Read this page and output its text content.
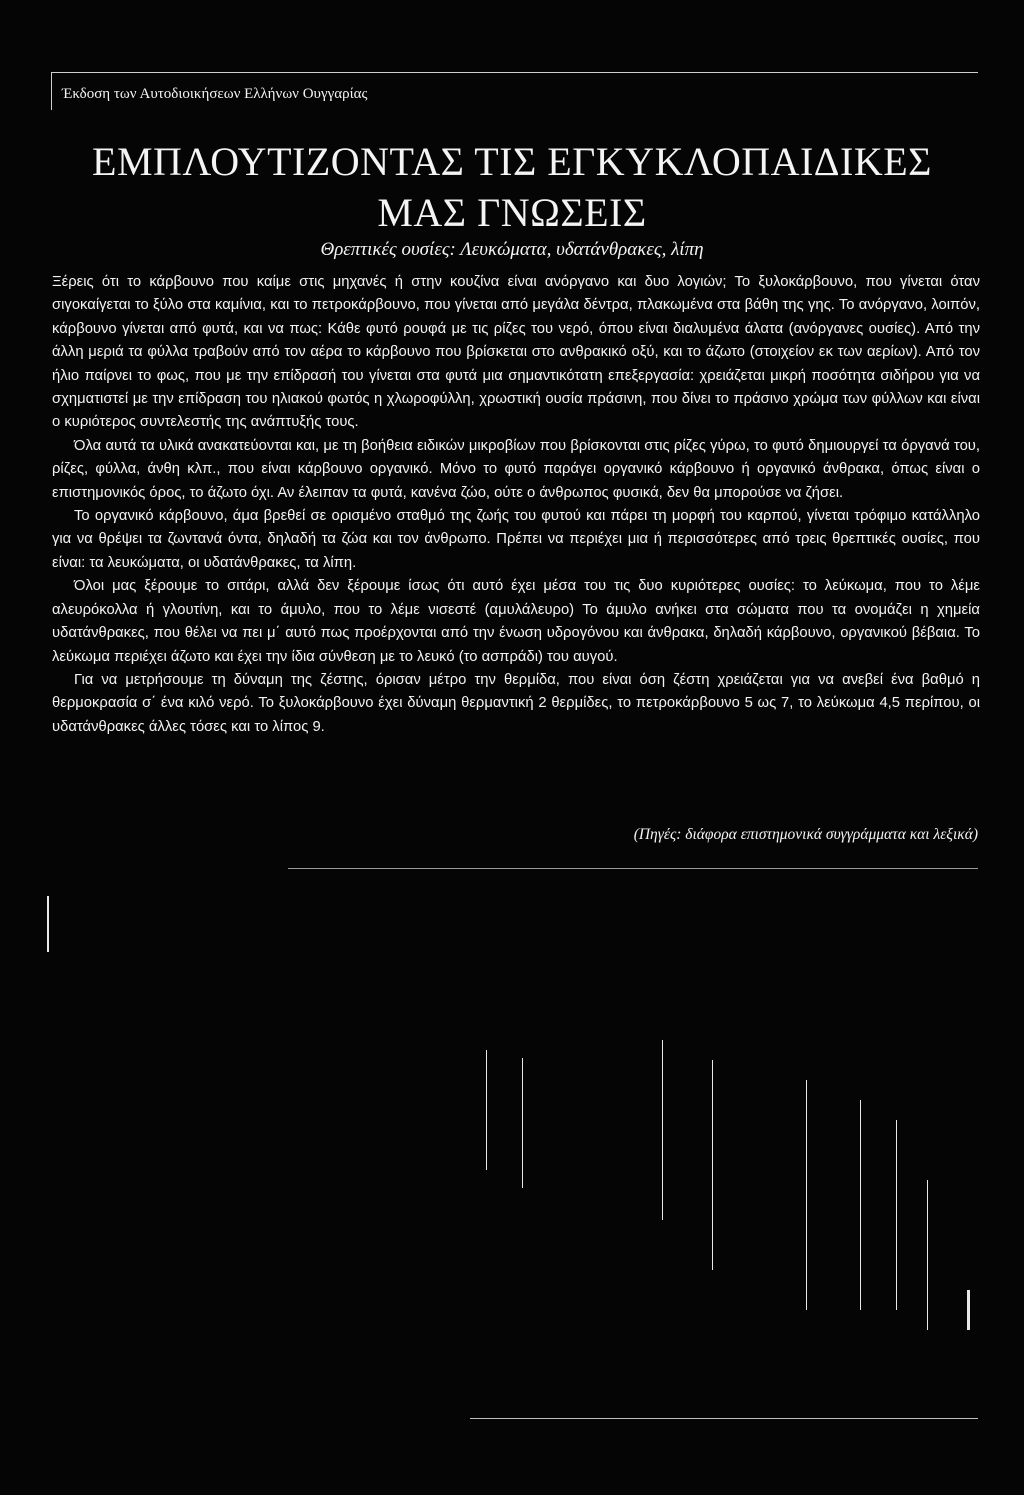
Έκδοση των Αυτοδιοικήσεων Ελλήνων Ουγγαρίας
ΕΜΠΛΟΥΤΙΖΟΝΤΑΣ ΤΙΣ ΕΓΚΥΚΛΟΠΑΙΔΙΚΕΣ
ΜΑΣ ΓΝΩΣΕΙΣ
Θρεπτικές ουσίες: Λευκώματα, υδατάνθρακες, λίπη

Ξέρεις ότι το κάρβουνο που καίμε στις μηχανές ή στην κουζίνα είναι ανόργανο και δυο λογιών; Το ξυλοκάρβουνο, που γίνεται όταν σιγοκαίγεται το ξύλο στα καμίνια, και το πετροκάρβουνο, που γίνεται από μεγάλα δέντρα, πλακωμένα στα βάθη της γης. Το ανόργανο, λοιπόν, κάρβουνο γίνεται από φυτά, και να πως: Κάθε φυτό ρουφά με τις ρίζες του νερό, όπου είναι διαλυμένα άλατα (ανόργανες ουσίες). Από την άλλη μεριά τα φύλλα τραβούν από τον αέρα το κάρβουνο που βρίσκεται στο ανθρακικό οξύ, και το άζωτο (στοιχείον εκ των αερίων). Από τον ήλιο παίρνει το φως, που με την επίδρασή του γίνεται στα φυτά μια σημαντικότατη επεξεργασία: χρειάζεται μικρή ποσότητα σιδήρου για να σχηματιστεί με την επίδραση του ηλιακού φωτός η χλωροφύλλη, χρωστική ουσία πράσινη, που δίνει το πράσινο χρώμα των φύλλων και είναι ο κυριότερος συντελεστής της ανάπτυξής τους.

Όλα αυτά τα υλικά ανακατεύονται και, με τη βοήθεια ειδικών μικροβίων που βρίσκονται στις ρίζες γύρω, το φυτό δημιουργεί τα όργανά του, ρίζες, φύλλα, άνθη κλπ., που είναι κάρβουνο οργανικό. Μόνο το φυτό παράγει οργανικό κάρβουνο ή οργανικό άνθρακα, όπως είναι ο επιστημονικός όρος, το άζωτο όχι. Αν έλειπαν τα φυτά, κανένα ζώο, ούτε ο άνθρωπος φυσικά, δεν θα μπορούσε να ζήσει.

Το οργανικό κάρβουνο, άμα βρεθεί σε ορισμένο σταθμό της ζωής του φυτού και πάρει τη μορφή του καρπού, γίνεται τρόφιμο κατάλληλο για να θρέψει τα ζωντανά όντα, δηλαδή τα ζώα και τον άνθρωπο. Πρέπει να περιέχει μια ή περισσότερες από τρεις θρεπτικές ουσίες, που είναι: τα λευκώματα, οι υδατάνθρακες, τα λίπη.

Όλοι μας ξέρουμε το σιτάρι, αλλά δεν ξέρουμε ίσως ότι αυτό έχει μέσα του τις δυο κυριότερες ουσίες: το λεύκωμα, που το λέμε αλευρόκολλα ή γλουτίνη, και το άμυλο, που το λέμε νισεστέ (αμυλάλευρο) Το άμυλο ανήκει στα σώματα που τα ονομάζει η χημεία υδατάνθρακες, που θέλει να πει μ΄ αυτό πως προέρχονται από την ένωση υδρογόνου και άνθρακα, δηλαδή κάρβουνο, οργανικού βέβαια. Το λεύκωμα περιέχει άζωτο και έχει την ίδια σύνθεση με το λευκό (το ασπράδι) του αυγού.

Για να μετρήσουμε τη δύναμη της ζέστης, όρισαν μέτρο την θερμίδα, που είναι όση ζέστη χρειάζεται για να ανεβεί ένα βαθμό η θερμοκρασία σ΄ ένα κιλό νερό. Το ξυλοκάρβουνο έχει δύναμη θερμαντική 2 θερμίδες, το πετροκάρβουνο 5 ως 7, το λεύκωμα 4,5 περίπου, οι υδατάνθρακες άλλες τόσες και το λίπος 9.

(Πηγές: διάφορα επιστημονικά συγγράμματα και λεξικά)
